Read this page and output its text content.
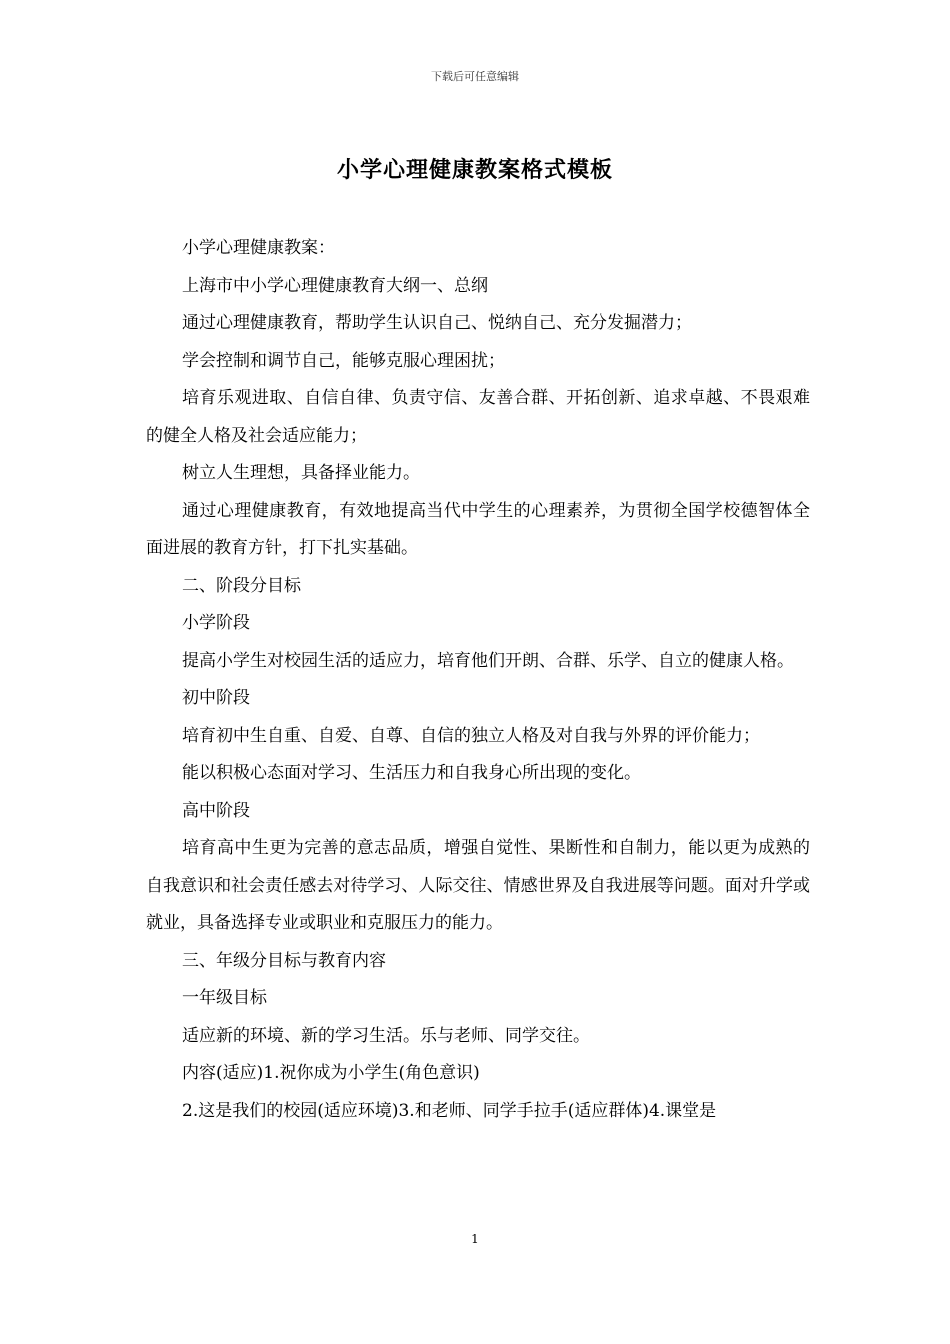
下载后可任意编辑
小学心理健康教案格式模板

小学心理健康教案：

上海市中小学心理健康教育大纲一、总纲

通过心理健康教育，帮助学生认识自己、悦纳自己、充分发掘潜力；

学会控制和调节自己，能够克服心理困扰；

培育乐观进取、自信自律、负责守信、友善合群、开拓创新、追求卓越、不畏艰难的健全人格及社会适应能力；

树立人生理想，具备择业能力。

通过心理健康教育，有效地提高当代中学生的心理素养，为贯彻全国学校德智体全面进展的教育方针，打下扎实基础。

二、阶段分目标

小学阶段

提高小学生对校园生活的适应力，培育他们开朗、合群、乐学、自立的健康人格。

初中阶段

培育初中生自重、自爱、自尊、自信的独立人格及对自我与外界的评价能力；

能以积极心态面对学习、生活压力和自我身心所出现的变化。

高中阶段

培育高中生更为完善的意志品质，增强自觉性、果断性和自制力，能以更为成熟的自我意识和社会责任感去对待学习、人际交往、情感世界及自我进展等问题。面对升学或就业，具备选择专业或职业和克服压力的能力。

三、年级分目标与教育内容

一年级目标

适应新的环境、新的学习生活。乐与老师、同学交往。

内容(适应)1.祝你成为小学生(角色意识)

2.这是我们的校园(适应环境)3.和老师、同学手拉手(适应群体)4.课堂是

1
